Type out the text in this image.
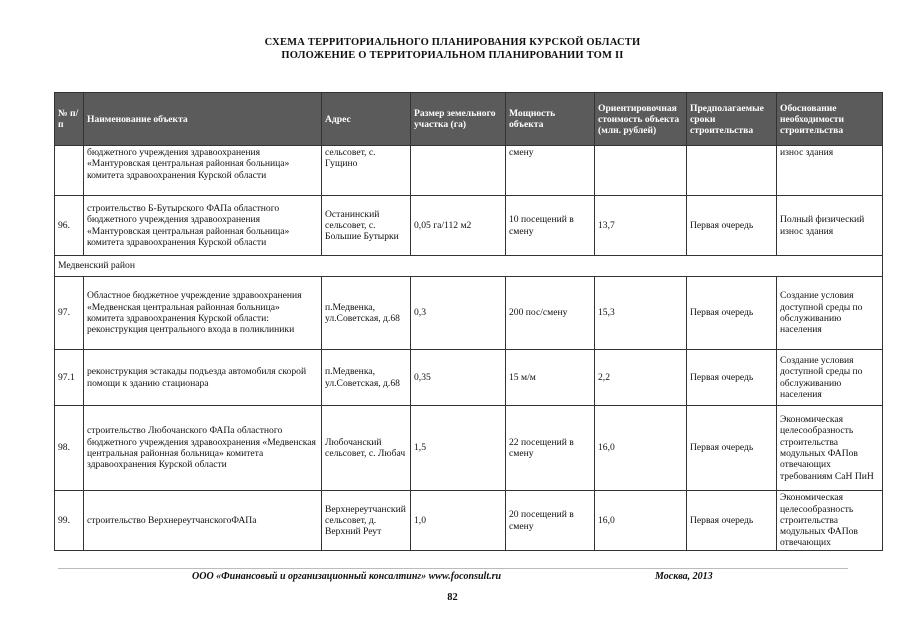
СХЕМА ТЕРРИТОРИАЛЬНОГО ПЛАНИРОВАНИЯ КУРСКОЙ ОБЛАСТИ
ПОЛОЖЕНИЕ О ТЕРРИТОРИАЛЬНОМ ПЛАНИРОВАНИИ ТОМ II
№ п/п	Наименование объекта	Адрес	Размер земельного участка (га)	Мощность объекта	Ориентировочная стоимость объекта (млн. рублей)	Предполагаемые сроки строительства	Обоснование необходимости строительства
	бюджетного учреждения здравоохранения «Мантуровская центральная районная больница» комитета здравоохранения Курской области	сельсовет, с. Гущино		смену			износ здания
96.	строительство Б-Бутырского ФАПа областного бюджетного учреждения здравоохранения «Мантуровская центральная районная больница» комитета здравоохранения Курской области	Останинский сельсовет, с. Большие Бутырки	0,05 га/112 м2	10 посещений в смену	13,7	Первая очередь	Полный физический износ здания
Медвенский район							
97.	Областное бюджетное учреждение здравоохранения «Медвенская центральная районная больница» комитета здравоохранения Курской области: реконструкция центрального входа в поликлиники	п.Медвенка, ул.Советская, д.68	0,3	200 пос/смену	15,3	Первая очередь	Создание условия доступной среды по обслуживанию населения
97.1	реконструкция эстакады подъезда автомобиля скорой помощи к зданию стационара	п.Медвенка, ул.Советская, д.68	0,35	15 м/м	2,2	Первая очередь	Создание условия доступной среды по обслуживанию населения
98.	строительство Любочанского ФАПа областного бюджетного учреждения здравоохранения «Медвенская центральная районная больница» комитета здравоохранения Курской области	Любочанский сельсовет, с. Любач	1,5	22 посещений в смену	16,0	Первая очередь	Экономическая целесообразность строительства модульных ФАПов отвечающих требованиям СаН ПиН
99.	строительство ВерхнереутчанскогоФАПа	Верхнереутчанский сельсовет, д. Верхний Реут	1,0	20 посещений в смену	16,0	Первая очередь	Экономическая целесообразность строительства модульных ФАПов отвечающих
ООО «Финансовый и организационный консалтинг» www.foconsult.ru	Москва, 2013
82
